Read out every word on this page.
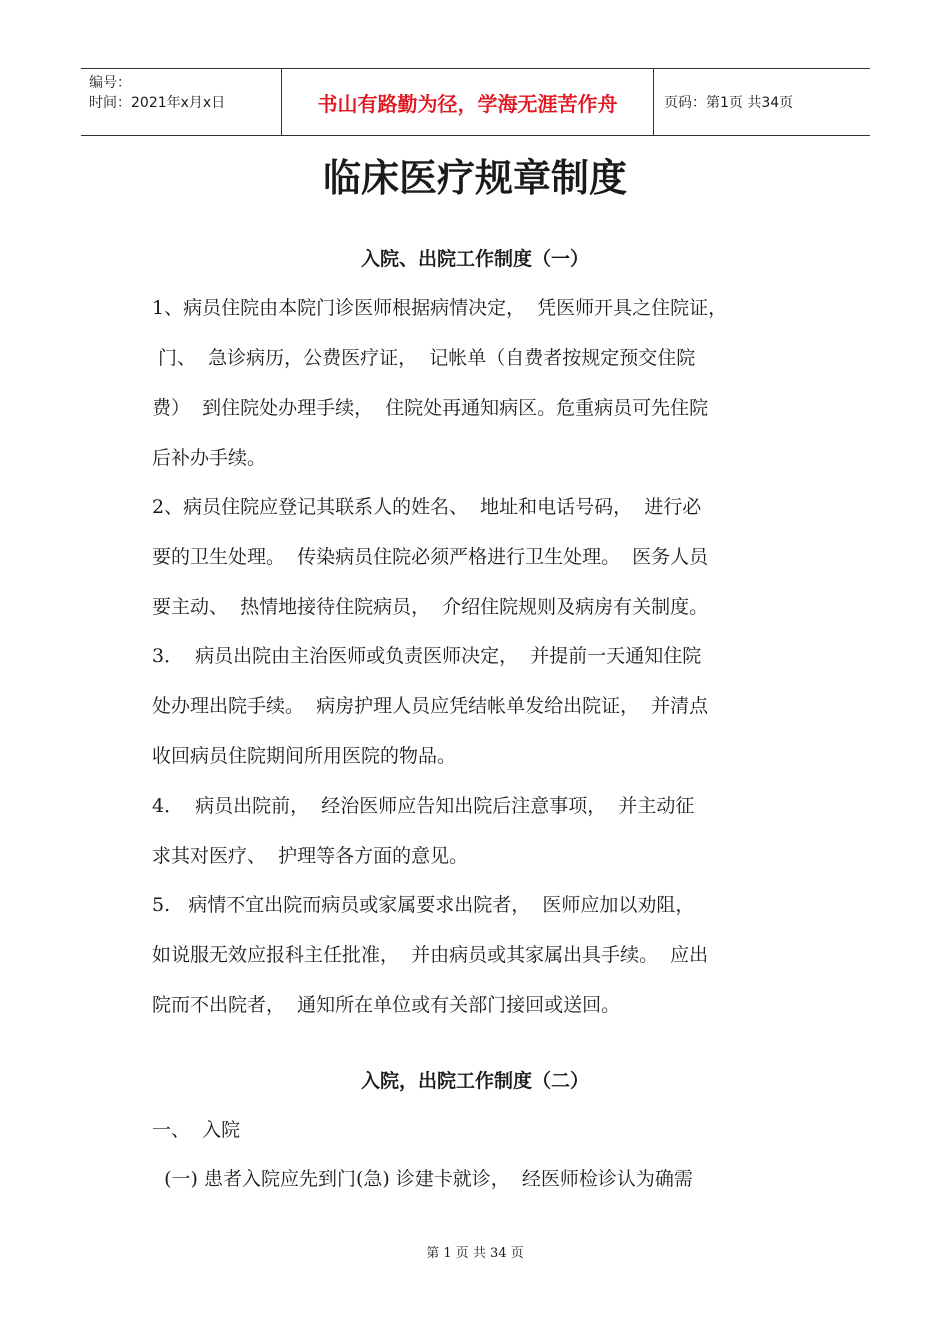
编号：
时间：2021年x月x日	书山有路勤为径，学海无涯苦作舟	页码：第1页 共34页
临床医疗规章制度
入院、出院工作制度（一）
1、病员住院由本院门诊医师根据病情决定，  凭医师开具之住院证，
门、  急诊病历，公费医疗证，  记帐单（自费者按规定预交住院
费）  到住院处办理手续，  住院处再通知病区。危重病员可先住院
后补办手续。
2、病员住院应登记其联系人的姓名、  地址和电话号码，  进行必
要的卫生处理。  传染病员住院必须严格进行卫生处理。  医务人员
要主动、  热情地接待住院病员，  介绍住院规则及病房有关制度。
3．  病员出院由主治医师或负责医师决定，  并提前一天通知住院
处办理出院手续。  病房护理人员应凭结帐单发给出院证，  并清点
收回病员住院期间所用医院的物品。
4．  病员出院前，  经治医师应告知出院后注意事项，  并主动征
求其对医疗、  护理等各方面的意见。
5.   病情不宜出院而病员或家属要求出院者，  医师应加以劝阻，
如说服无效应报科主任批准，  并由病员或其家属出具手续。  应出
院而不出院者，  通知所在单位或有关部门接回或送回。
入院，出院工作制度（二）
一、  入院
(一) 患者入院应先到门(急) 诊建卡就诊，  经医师检诊认为确需
第 1 页 共 34 页
